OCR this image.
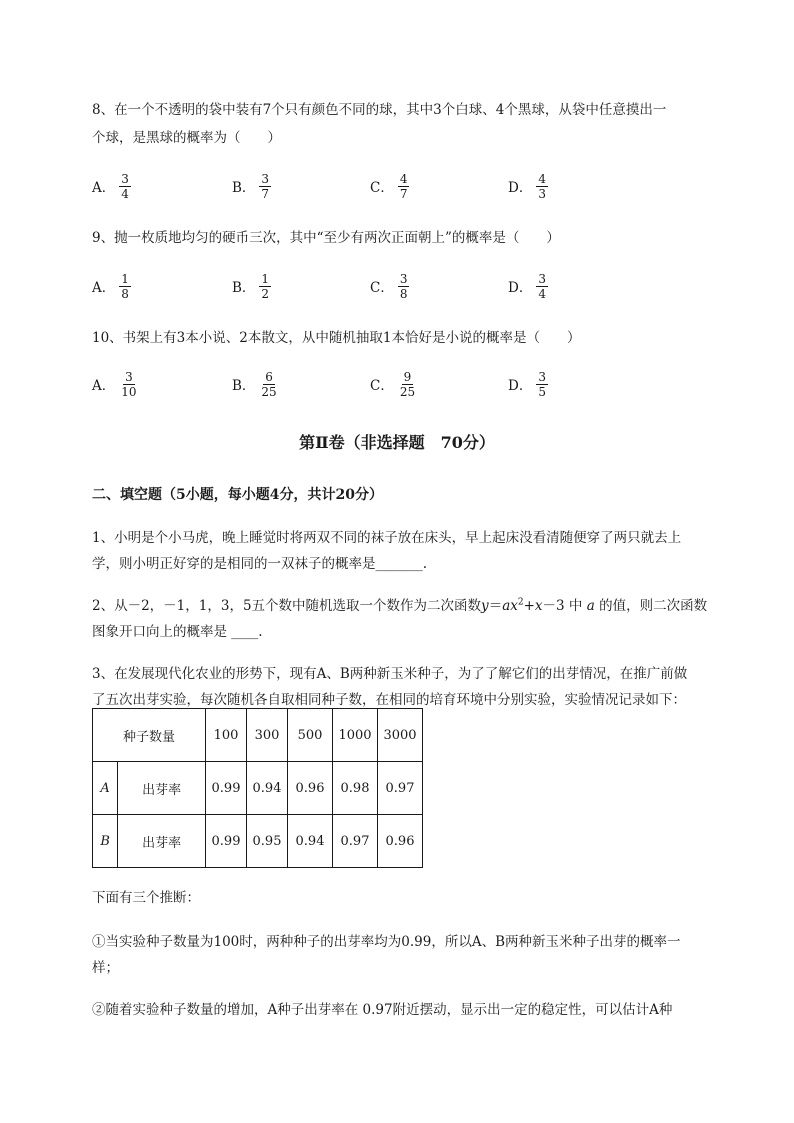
8、在一个不透明的袋中装有7个只有颜色不同的球，其中3个白球、4个黑球，从袋中任意摸出一
个球，是黑球的概率为（　　）
A． $\frac{3}{4}$	B． $\frac{3}{7}$	C． $\frac{4}{7}$	D． $\frac{4}{3}$
9、抛一枚质地均匀的硬币三次，其中“至少有两次正面朝上”的概率是（　　）
A． $\frac{1}{8}$	B． $\frac{1}{2}$	C． $\frac{3}{8}$	D． $\frac{3}{4}$
10、书架上有3本小说、2本散文，从中随机抽取1本恰好是小说的概率是（　　）
A． $\frac{3}{10}$	B． $\frac{6}{25}$	C． $\frac{9}{25}$	D． $\frac{3}{5}$
第Ⅱ卷（非选择题　70分）
二、填空题（5小题，每小题4分，共计20分）
1、小明是个小马虎，晚上睡觉时将两双不同的袜子放在床头，早上起床没看清随便穿了两只就去上
学，则小明正好穿的是相同的一双袜子的概率是_______.
2、从－2，－1，1，3，5五个数中随机选取一个数作为二次函数$y=ax^2+x-3$ 中 a 的值，则二次函数
图象开口向上的概率是 ____.
3、在发展现代化农业的形势下，现有A、B两种新玉米种子，为了了解它们的出芽情况，在推广前做
了五次出芽实验，每次随机各自取相同种子数，在相同的培育环境中分别实验，实验情况记录如下：
种子数量		100	300	500	1000	3000
A	出芽率	0.99	0.94	0.96	0.98	0.97
B	出芽率	0.99	0.95	0.94	0.97	0.96
下面有三个推断：
①当实验种子数量为100时，两种种子的出芽率均为0.99，所以A、B两种新玉米种子出芽的概率一
样；
②随着实验种子数量的增加，A种子出芽率在 0.97附近摆动，显示出一定的稳定性，可以估计A种
